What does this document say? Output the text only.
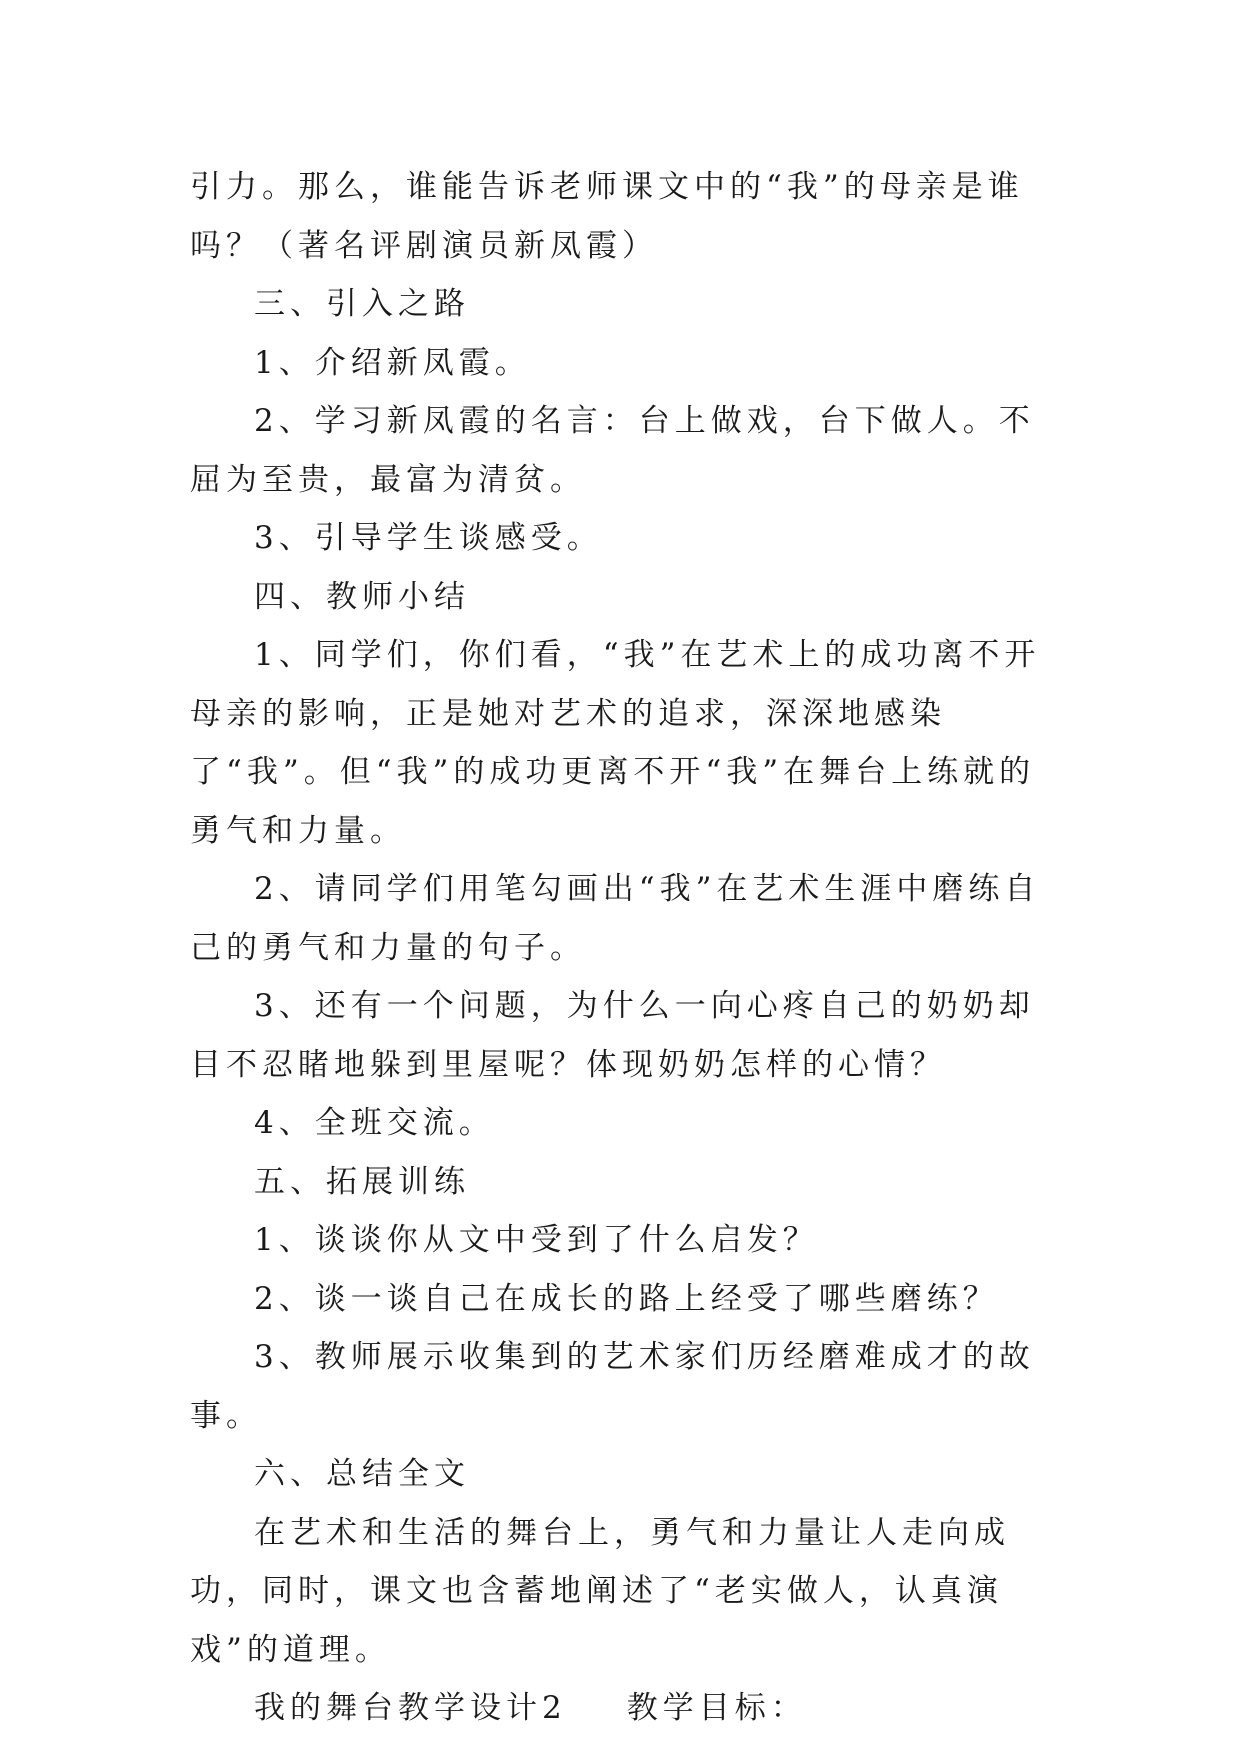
引力。那么，谁能告诉老师课文中的“我”的母亲是谁吗？（著名评剧演员新凤霞）

三、引入之路

1、介绍新凤霞。

2、学习新凤霞的名言：台上做戏，台下做人。不屈为至贵，最富为清贫。

3、引导学生谈感受。

四、教师小结

1、同学们，你们看，“我”在艺术上的成功离不开母亲的影响，正是她对艺术的追求，深深地感染了“我”。但“我”的成功更离不开“我”在舞台上练就的勇气和力量。

2、请同学们用笔勾画出“我”在艺术生涯中磨练自己的勇气和力量的句子。

3、还有一个问题，为什么一向心疼自己的奶奶却目不忍睹地躲到里屋呢？体现奶奶怎样的心情？

4、全班交流。

五、拓展训练

1、谈谈你从文中受到了什么启发？

2、谈一谈自己在成长的路上经受了哪些磨练？

3、教师展示收集到的艺术家们历经磨难成才的故事。

六、总结全文

在艺术和生活的舞台上，勇气和力量让人走向成功，同时，课文也含蓄地阐述了“老实做人，认真演戏”的道理。

我的舞台教学设计2 教学目标：
